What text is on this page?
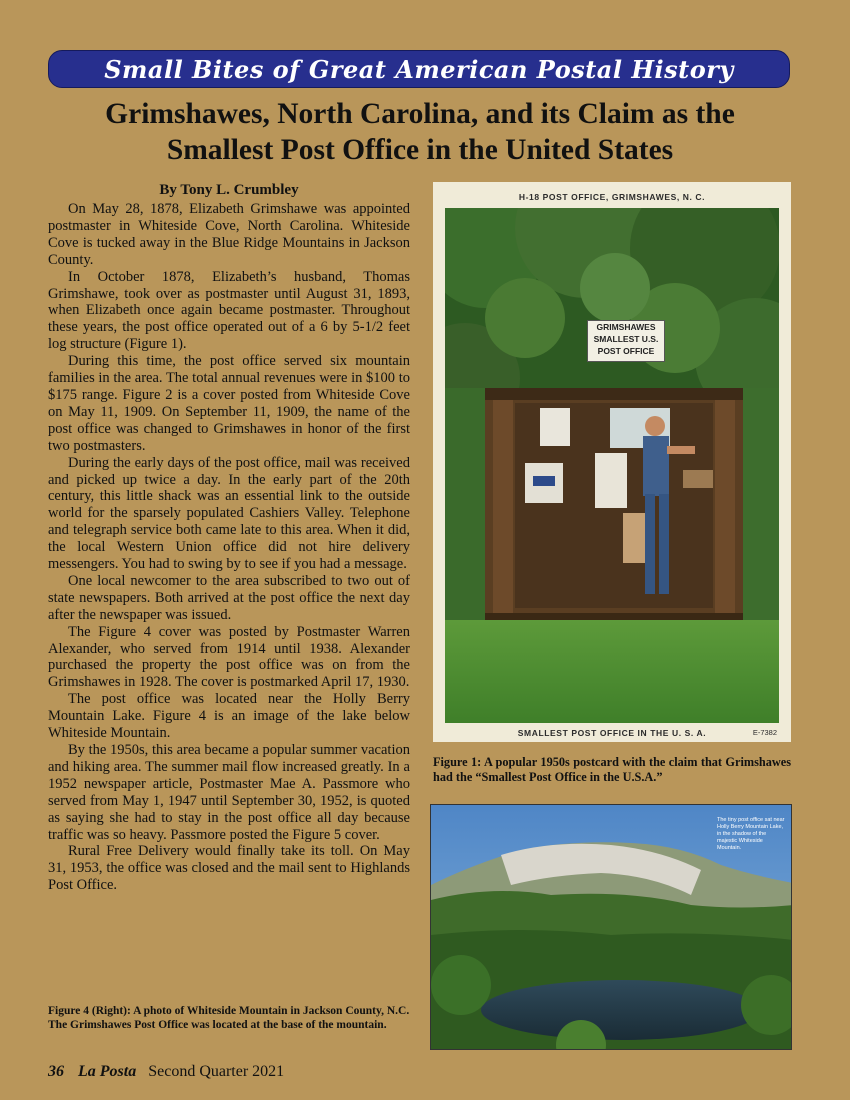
Small Bites of Great American Postal History
Grimshawes, North Carolina, and its Claim as the
Smallest Post Office in the United States
By Tony L. Crumbley

On May 28, 1878, Elizabeth Grimshawe was appointed postmaster in Whiteside Cove, North Carolina. Whiteside Cove is tucked away in the Blue Ridge Mountains in Jackson County.

In October 1878, Elizabeth’s husband, Thomas Grimshawe, took over as postmaster until August 31, 1893, when Elizabeth once again became postmaster. Throughout these years, the post office operated out of a 6 by 5-1/2 feet log structure (Figure 1).

During this time, the post office served six mountain families in the area. The total annual revenues were in $100 to $175 range. Figure 2 is a cover posted from Whiteside Cove on May 11, 1909. On September 11, 1909, the name of the post office was changed to Grimshawes in honor of the first two postmasters.

During the early days of the post office, mail was received and picked up twice a day. In the early part of the 20th century, this little shack was an essential link to the outside world for the sparsely populated Cashiers Valley. Telephone and telegraph service both came late to this area. When it did, the local Western Union office did not hire delivery messengers. You had to swing by to see if you had a message.

One local newcomer to the area subscribed to two out of state newspapers. Both arrived at the post office the next day after the newspaper was issued.

The Figure 4 cover was posted by Postmaster Warren Alexander, who served from 1914 until 1938. Alexander purchased the property the post office was on from the Grimshawes in 1928. The cover is postmarked April 17, 1930.

The post office was located near the Holly Berry Mountain Lake. Figure 4 is an image of the lake below Whiteside Mountain.

By the 1950s, this area became a popular summer vacation and hiking area. The summer mail flow increased greatly. In a 1952 newspaper article, Postmaster Mae A. Passmore who served from May 1, 1947 until September 30, 1952, is quoted as saying she had to stay in the post office all day because traffic was so heavy. Passmore posted the Figure 5 cover.

Rural Free Delivery would finally take its toll. On May 31, 1953, the office was closed and the mail sent to Highlands Post Office.

Figure 4 (Right): A photo of Whiteside Mountain in Jackson County, N.C. The Grimshawes Post Office was located at the base of the mountain.
H-18 POST OFFICE, GRIMSHAWES, N. C.
GRIMSHAWES
SMALLEST U.S.
POST OFFICE
SMALLEST POST OFFICE IN THE U. S. A.	E-7382
Figure 1: A popular 1950s postcard with the claim that Grimshawes had the “Smallest Post Office in the U.S.A.”
The tiny post office sat near Holly Berry Mountain Lake, in the shadow of the majestic Whiteside Mountain.
36 La Posta Second Quarter 2021
